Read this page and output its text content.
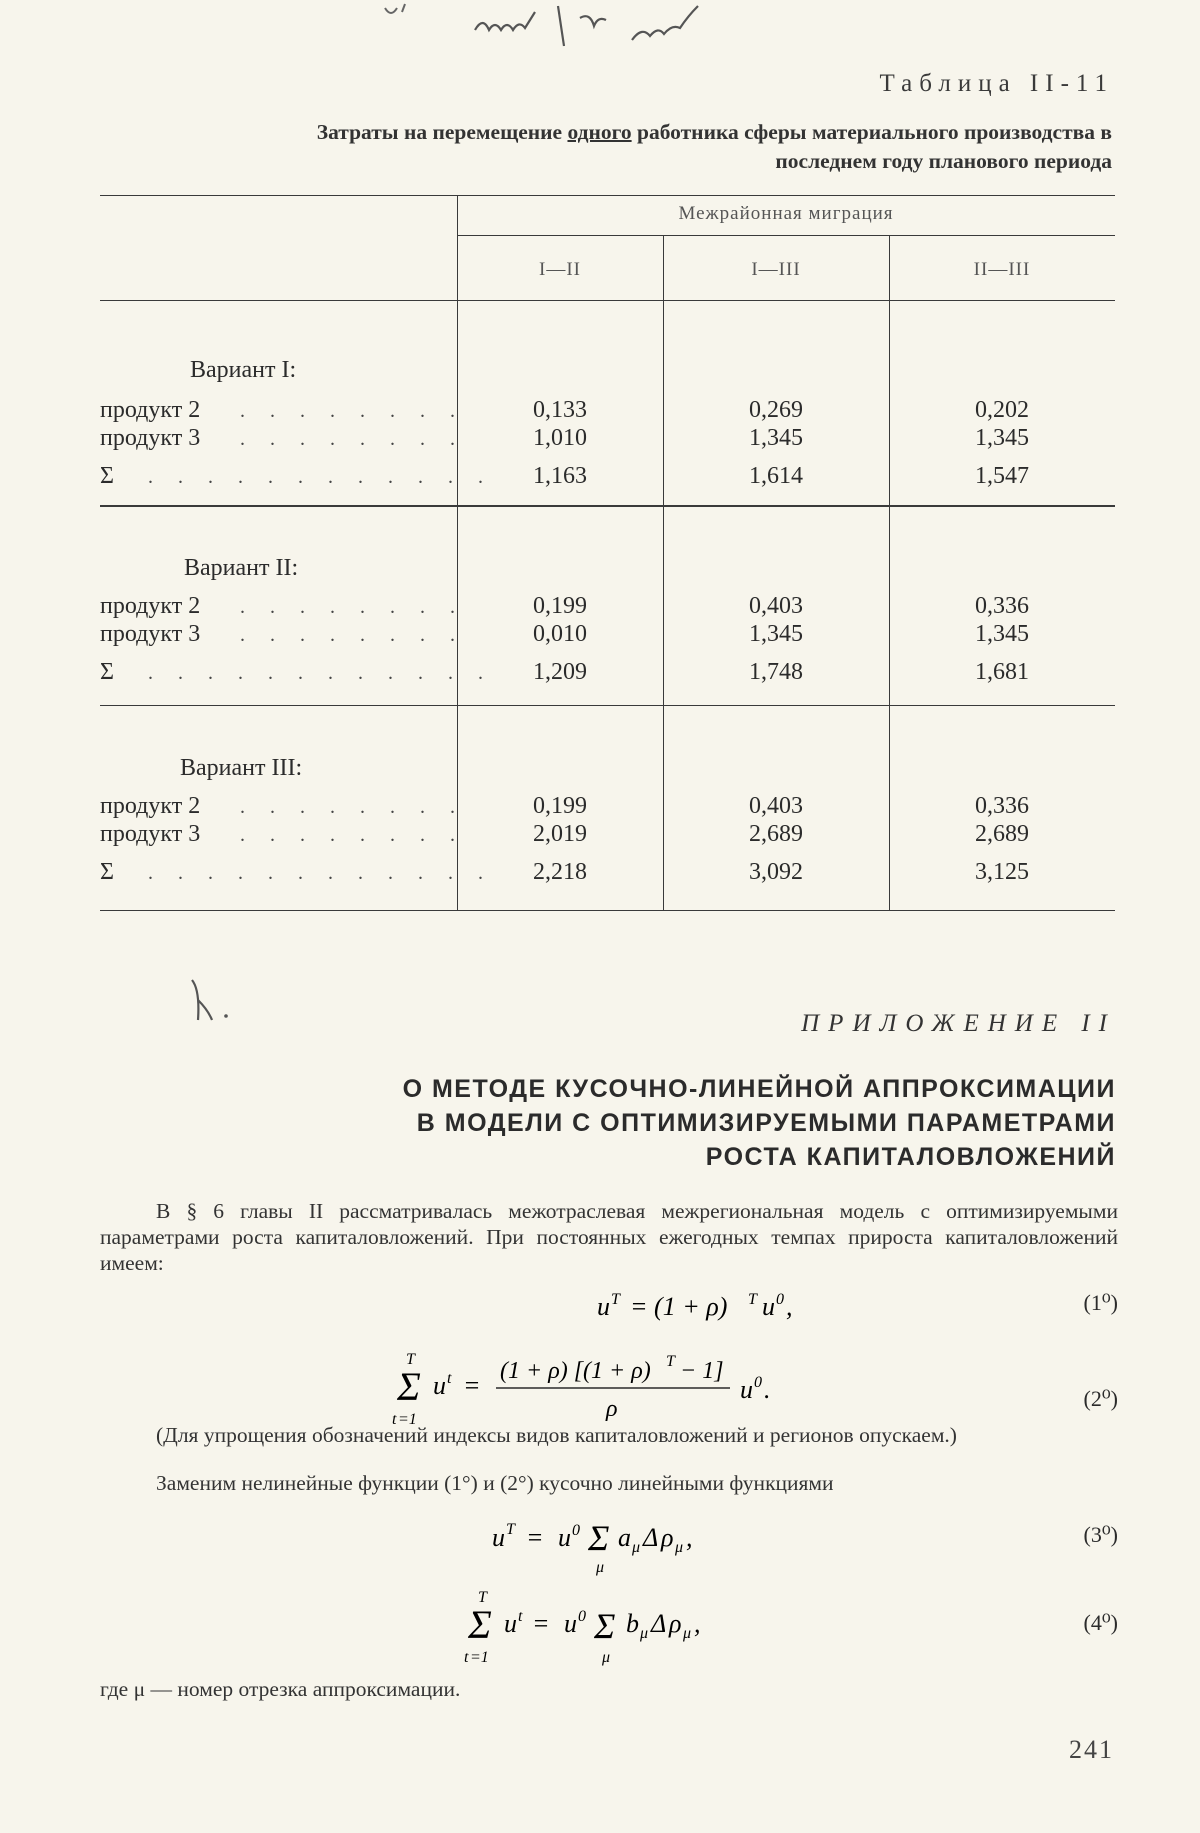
Таблица II-11
Затраты на перемещение одного работника сферы материального производства в последнем году планового периода
Межрайонная миграция
I—II	I—III	II—III
Вариант I:
продукт 2 . . . . . . . .	0,133	0,269	0,202
продукт 3 . . . . . . . .	1,010	1,345	1,345
Σ . . . . . . . . . . . .	1,163	1,614	1,547
Вариант II:
продукт 2 . . . . . . . .	0,199	0,403	0,336
продукт 3 . . . . . . . .	0,010	1,345	1,345
Σ . . . . . . . . . . . .	1,209	1,748	1,681
Вариант III:
продукт 2 . . . . . . . .	0,199	0,403	0,336
продукт 3 . . . . . . . .	2,019	2,689	2,689
Σ . . . . . . . . . . . .	2,218	3,092	3,125
ПРИЛОЖЕНИЕ II
О МЕТОДЕ КУСОЧНО-ЛИНЕЙНОЙ АППРОКСИМАЦИИ
В МОДЕЛИ С ОПТИМИЗИРУЕМЫМИ ПАРАМЕТРАМИ
РОСТА КАПИТАЛОВЛОЖЕНИЙ
В § 6 главы II рассматривалась межотраслевая межрегиональная модель с оптимизируемыми параметрами роста капиталовложений. При постоянных ежегодных темпах прироста капиталовложений имеем:
u T = (1 + ρ) T u 0 ,	(1⁰)
T
Σ
t =1
u t = (1 + ρ) [(1 + ρ) T − 1]
ρ
u 0 .	(2⁰)
(Для упрощения обозначений индексы видов капиталовложений и регионов опускаем.)
Заменим нелинейные функции (1°) и (2°) кусочно линейными функциями
u T = u 0 Σ
μ
a μ Δ ρ μ ,	(3⁰)
T
Σ
t =1
u t = u 0 Σ
μ
b μ Δ ρ μ ,	(4⁰)
где μ — номер отрезка аппроксимации.
241
